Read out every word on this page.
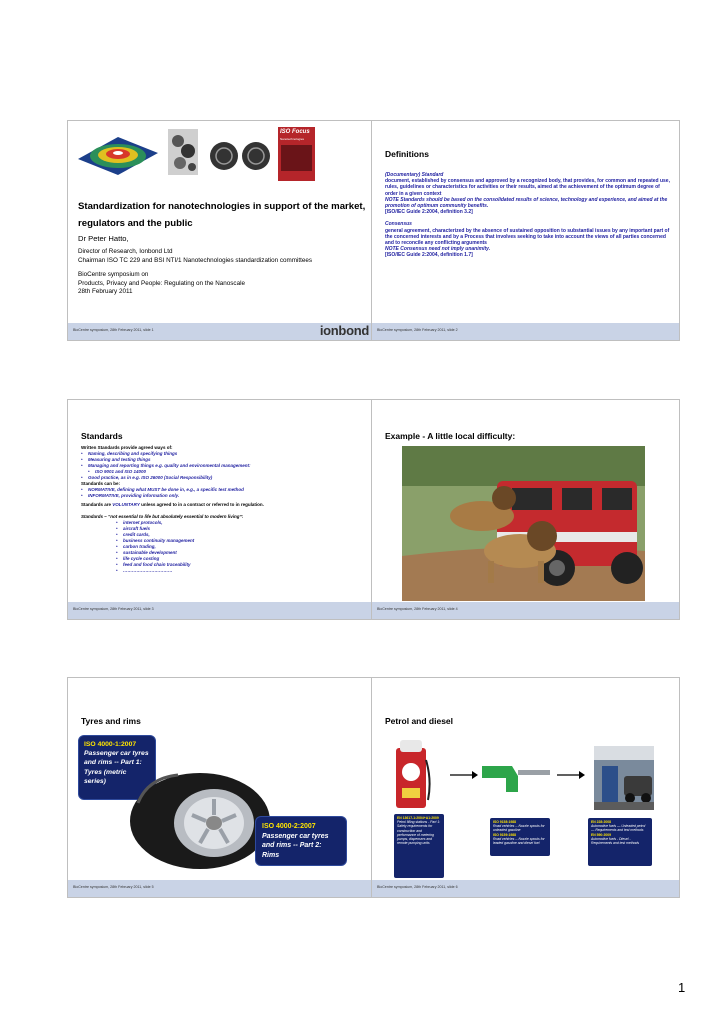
ISO Focus
Nanotechnologies
Standardization for nanotechnologies in support of the market, regulators and the public
Dr Peter Hatto,
Director of Research, Ionbond Ltd
Chairman ISO TC 229 and BSI NTI/1 Nanotechnologies standardization committees
BioCentre symposium on
Products, Privacy and People: Regulating on the Nanoscale
28th February 2011
BioCentre symposium, 28th February 2011, slide 1	ionbond
Definitions
(Documentary) Standard
document, established by consensus and approved by a recognized body, that provides, for common and repeated use, rules, guidelines or characteristics for activities or their results, aimed at the achievement of the optimum degree of order in a given context
NOTE Standards should be based on the consolidated results of science, technology and experience, and aimed at the promotion of optimum community benefits.
[ISO/IEC Guide 2:2004, definition 3.2]
Consensus
general agreement, characterized by the absence of sustained opposition to substantial issues by any important part of the concerned interests and by a Process that involves seeking to take into account the views of all parties concerned and to reconcile any conflicting arguments
NOTE Consensus need not imply unanimity.
[ISO/IEC Guide 2:2004, definition 1.7]
BioCentre symposium, 28th February 2011, slide 2
Standards
Written Standards provide agreed ways of:
• Naming, describing and specifying things
• Measuring and testing things
• Managing and reporting things e.g. quality and environmental management:
• ISO 9001 and ISO 14000
• Good practice, as in e.g. ISO 26000 (Social Responsibility)
Standards can be:
• NORMATIVE, defining what MUST be done in, e.g., a specific test method
• INFORMATIVE, providing information only.
Standards are VOLUNTARY unless agreed to in a contract or referred to in regulation.
Standards – “not essential to life but absolutely essential to modern living”:
• internet protocols,
• aircraft fuels
• credit cards,
• business continuity management
• carbon trading,
• sustainable development
• life cycle costing
• feed and food chain traceability
• ……………………………
BioCentre symposium, 28th February 2011, slide 3
Example - A little local difficulty:
BioCentre symposium, 28th February 2011, slide 4
Tyres and rims
ISO 4000-1:2007
Passenger car tyres and rims -- Part 1: Tyres (metric series)
ISO 4000-2:2007
Passenger car tyres and rims -- Part 2: Rims
BioCentre symposium, 28th February 2011, slide 5
Petrol and diesel
EN 13617-1:2004+A1:2009
Petrol filling stations - Part 1: Safety requirements for construction and performance of metering pumps, dispensers and remote pumping units
ISO 9158:1988
Road vehicles -- Nozzle spouts for unleaded gasoline
ISO 9159:1988
Road vehicles -- Nozzle spouts for leaded gasoline and diesel fuel
EN 228:2008
Automotive fuels — Unleaded petrol — Requirements and test methods
EN 590:2009
Automotive fuels - Diesel - Requirements and test methods
BioCentre symposium, 28th February 2011, slide 6
1
